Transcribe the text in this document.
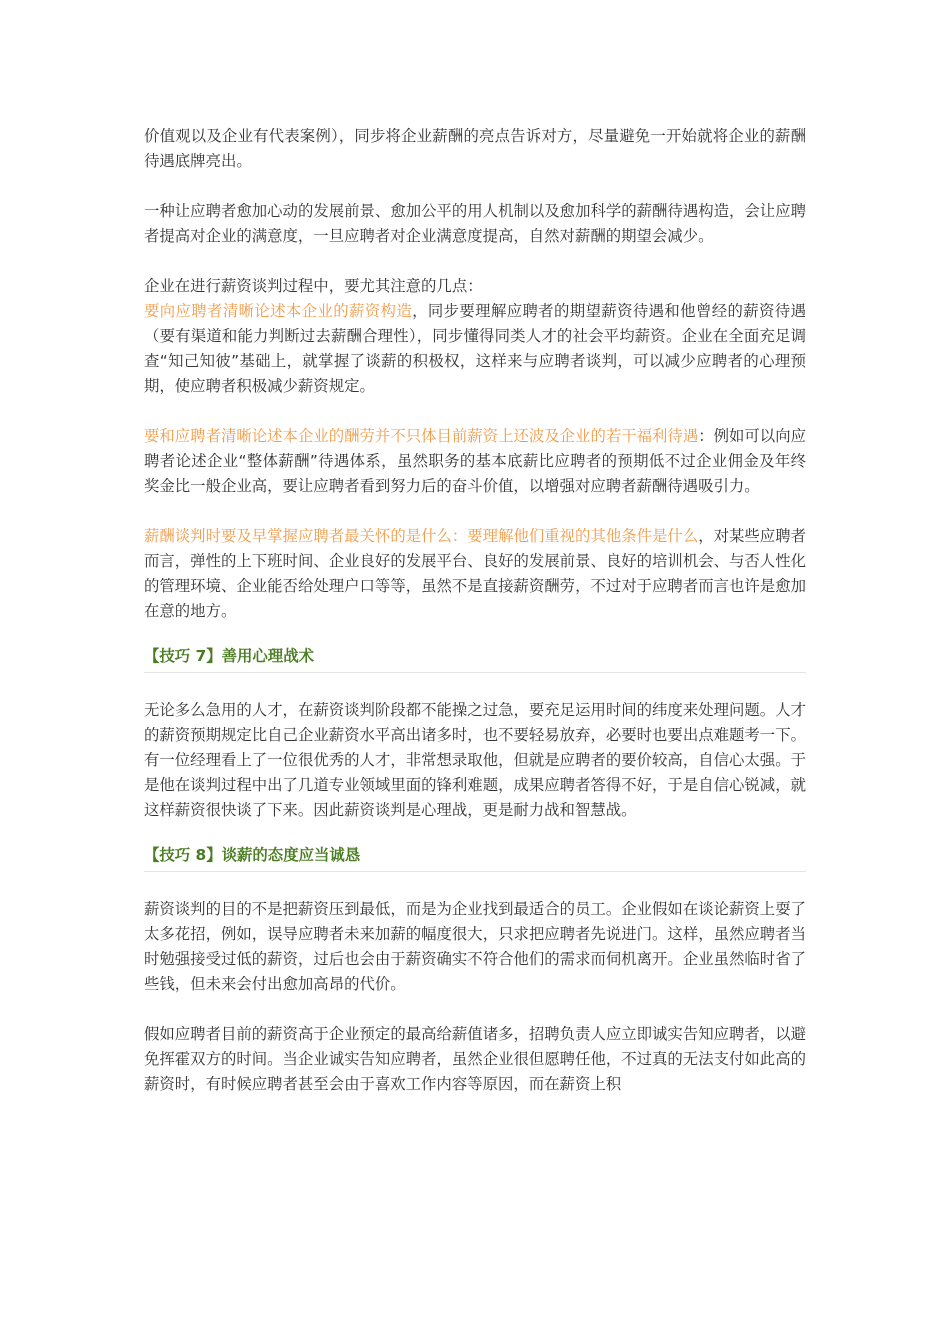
价值观以及企业有代表案例），同步将企业薪酬的亮点告诉对方，尽量避免一开始就将企业的薪酬待遇底牌亮出。

一种让应聘者愈加心动的发展前景、愈加公平的用人机制以及愈加科学的薪酬待遇构造，会让应聘者提高对企业的满意度，一旦应聘者对企业满意度提高，自然对薪酬的期望会减少。

企业在进行薪资谈判过程中，要尤其注意的几点：

要向应聘者清晰论述本企业的薪资构造，同步要理解应聘者的期望薪资待遇和他曾经的薪资待遇（要有渠道和能力判断过去薪酬合理性），同步懂得同类人才的社会平均薪资。企业在全面充足调查“知己知彼”基础上，就掌握了谈薪的积极权，这样来与应聘者谈判，可以减少应聘者的心理预期，使应聘者积极减少薪资规定。

要和应聘者清晰论述本企业的酬劳并不只体目前薪资上还波及企业的若干福利待遇：例如可以向应聘者论述企业“整体薪酬”待遇体系，虽然职务的基本底薪比应聘者的预期低不过企业佣金及年终奖金比一般企业高，要让应聘者看到努力后的奋斗价值，以增强对应聘者薪酬待遇吸引力。

薪酬谈判时要及早掌握应聘者最关怀的是什么：要理解他们重视的其他条件是什么，对某些应聘者而言，弹性的上下班时间、企业良好的发展平台、良好的发展前景、良好的培训机会、与否人性化的管理环境、企业能否给处理户口等等，虽然不是直接薪资酬劳，不过对于应聘者而言也许是愈加在意的地方。

【技巧 7】善用心理战术

无论多么急用的人才，在薪资谈判阶段都不能操之过急，要充足运用时间的纬度来处理问题。人才的薪资预期规定比自己企业薪资水平高出诸多时，也不要轻易放弃，必要时也要出点难题考一下。有一位经理看上了一位很优秀的人才，非常想录取他，但就是应聘者的要价较高，自信心太强。于是他在谈判过程中出了几道专业领域里面的锋利难题，成果应聘者答得不好，于是自信心锐减，就这样薪资很快谈了下来。因此薪资谈判是心理战，更是耐力战和智慧战。

【技巧 8】谈薪的态度应当诚恳

薪资谈判的目的不是把薪资压到最低，而是为企业找到最适合的员工。企业假如在谈论薪资上耍了太多花招，例如，误导应聘者未来加薪的幅度很大，只求把应聘者先说进门。这样，虽然应聘者当时勉强接受过低的薪资，过后也会由于薪资确实不符合他们的需求而伺机离开。企业虽然临时省了些钱，但未来会付出愈加高昂的代价。

假如应聘者目前的薪资高于企业预定的最高给薪值诸多，招聘负责人应立即诚实告知应聘者，以避免挥霍双方的时间。当企业诚实告知应聘者，虽然企业很但愿聘任他，不过真的无法支付如此高的薪资时，有时候应聘者甚至会由于喜欢工作内容等原因，而在薪资上积
